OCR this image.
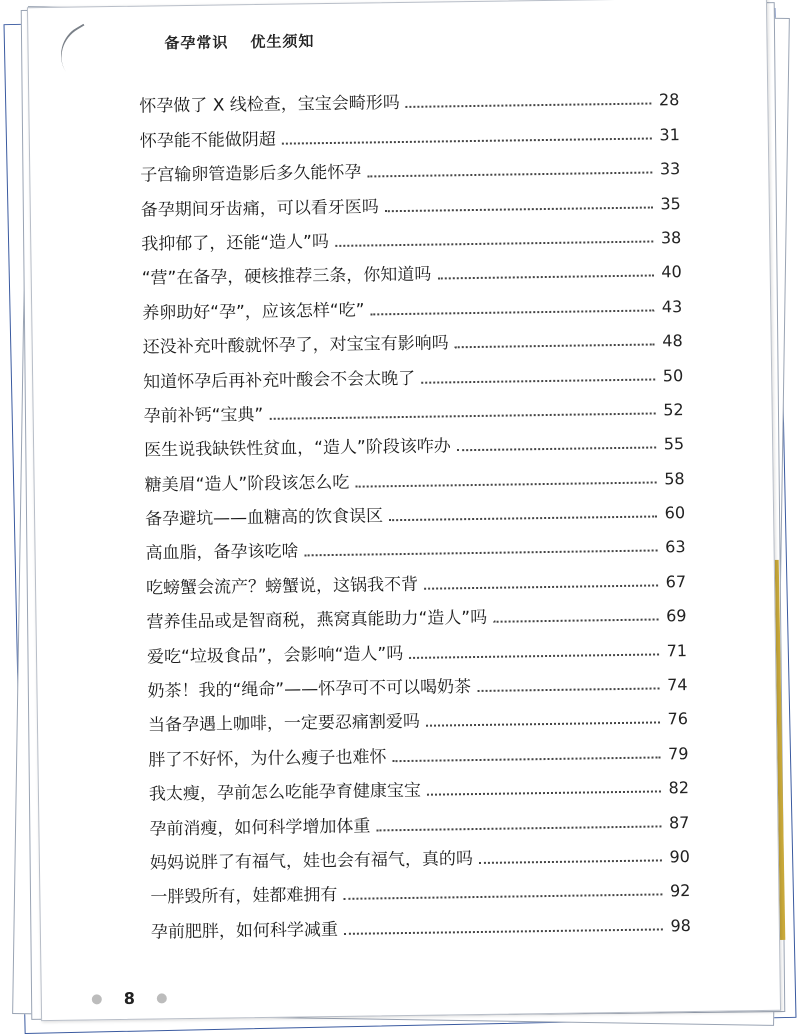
备孕常识 优生须知
怀孕做了 X 线检查，宝宝会畸形吗	28
怀孕能不能做阴超	31
子宫输卵管造影后多久能怀孕	33
备孕期间牙齿痛，可以看牙医吗	35
我抑郁了，还能“造人”吗	38
“营”在备孕，硬核推荐三条，你知道吗	40
养卵助好“孕”，应该怎样“吃”	43
还没补充叶酸就怀孕了，对宝宝有影响吗	48
知道怀孕后再补充叶酸会不会太晚了	50
孕前补钙“宝典”	52
医生说我缺铁性贫血，“造人”阶段该咋办	55
糖美眉“造人”阶段该怎么吃	58
备孕避坑——血糖高的饮食误区	60
高血脂，备孕该吃啥	63
吃螃蟹会流产？螃蟹说，这锅我不背	67
营养佳品或是智商税，燕窝真能助力“造人”吗	69
爱吃“垃圾食品”，会影响“造人”吗	71
奶茶！我的“绳命”——怀孕可不可以喝奶茶	74
当备孕遇上咖啡，一定要忍痛割爱吗	76
胖了不好怀，为什么瘦子也难怀	79
我太瘦，孕前怎么吃能孕育健康宝宝	82
孕前消瘦，如何科学增加体重	87
妈妈说胖了有福气，娃也会有福气，真的吗	90
一胖毁所有，娃都难拥有	92
孕前肥胖，如何科学减重	98
8
